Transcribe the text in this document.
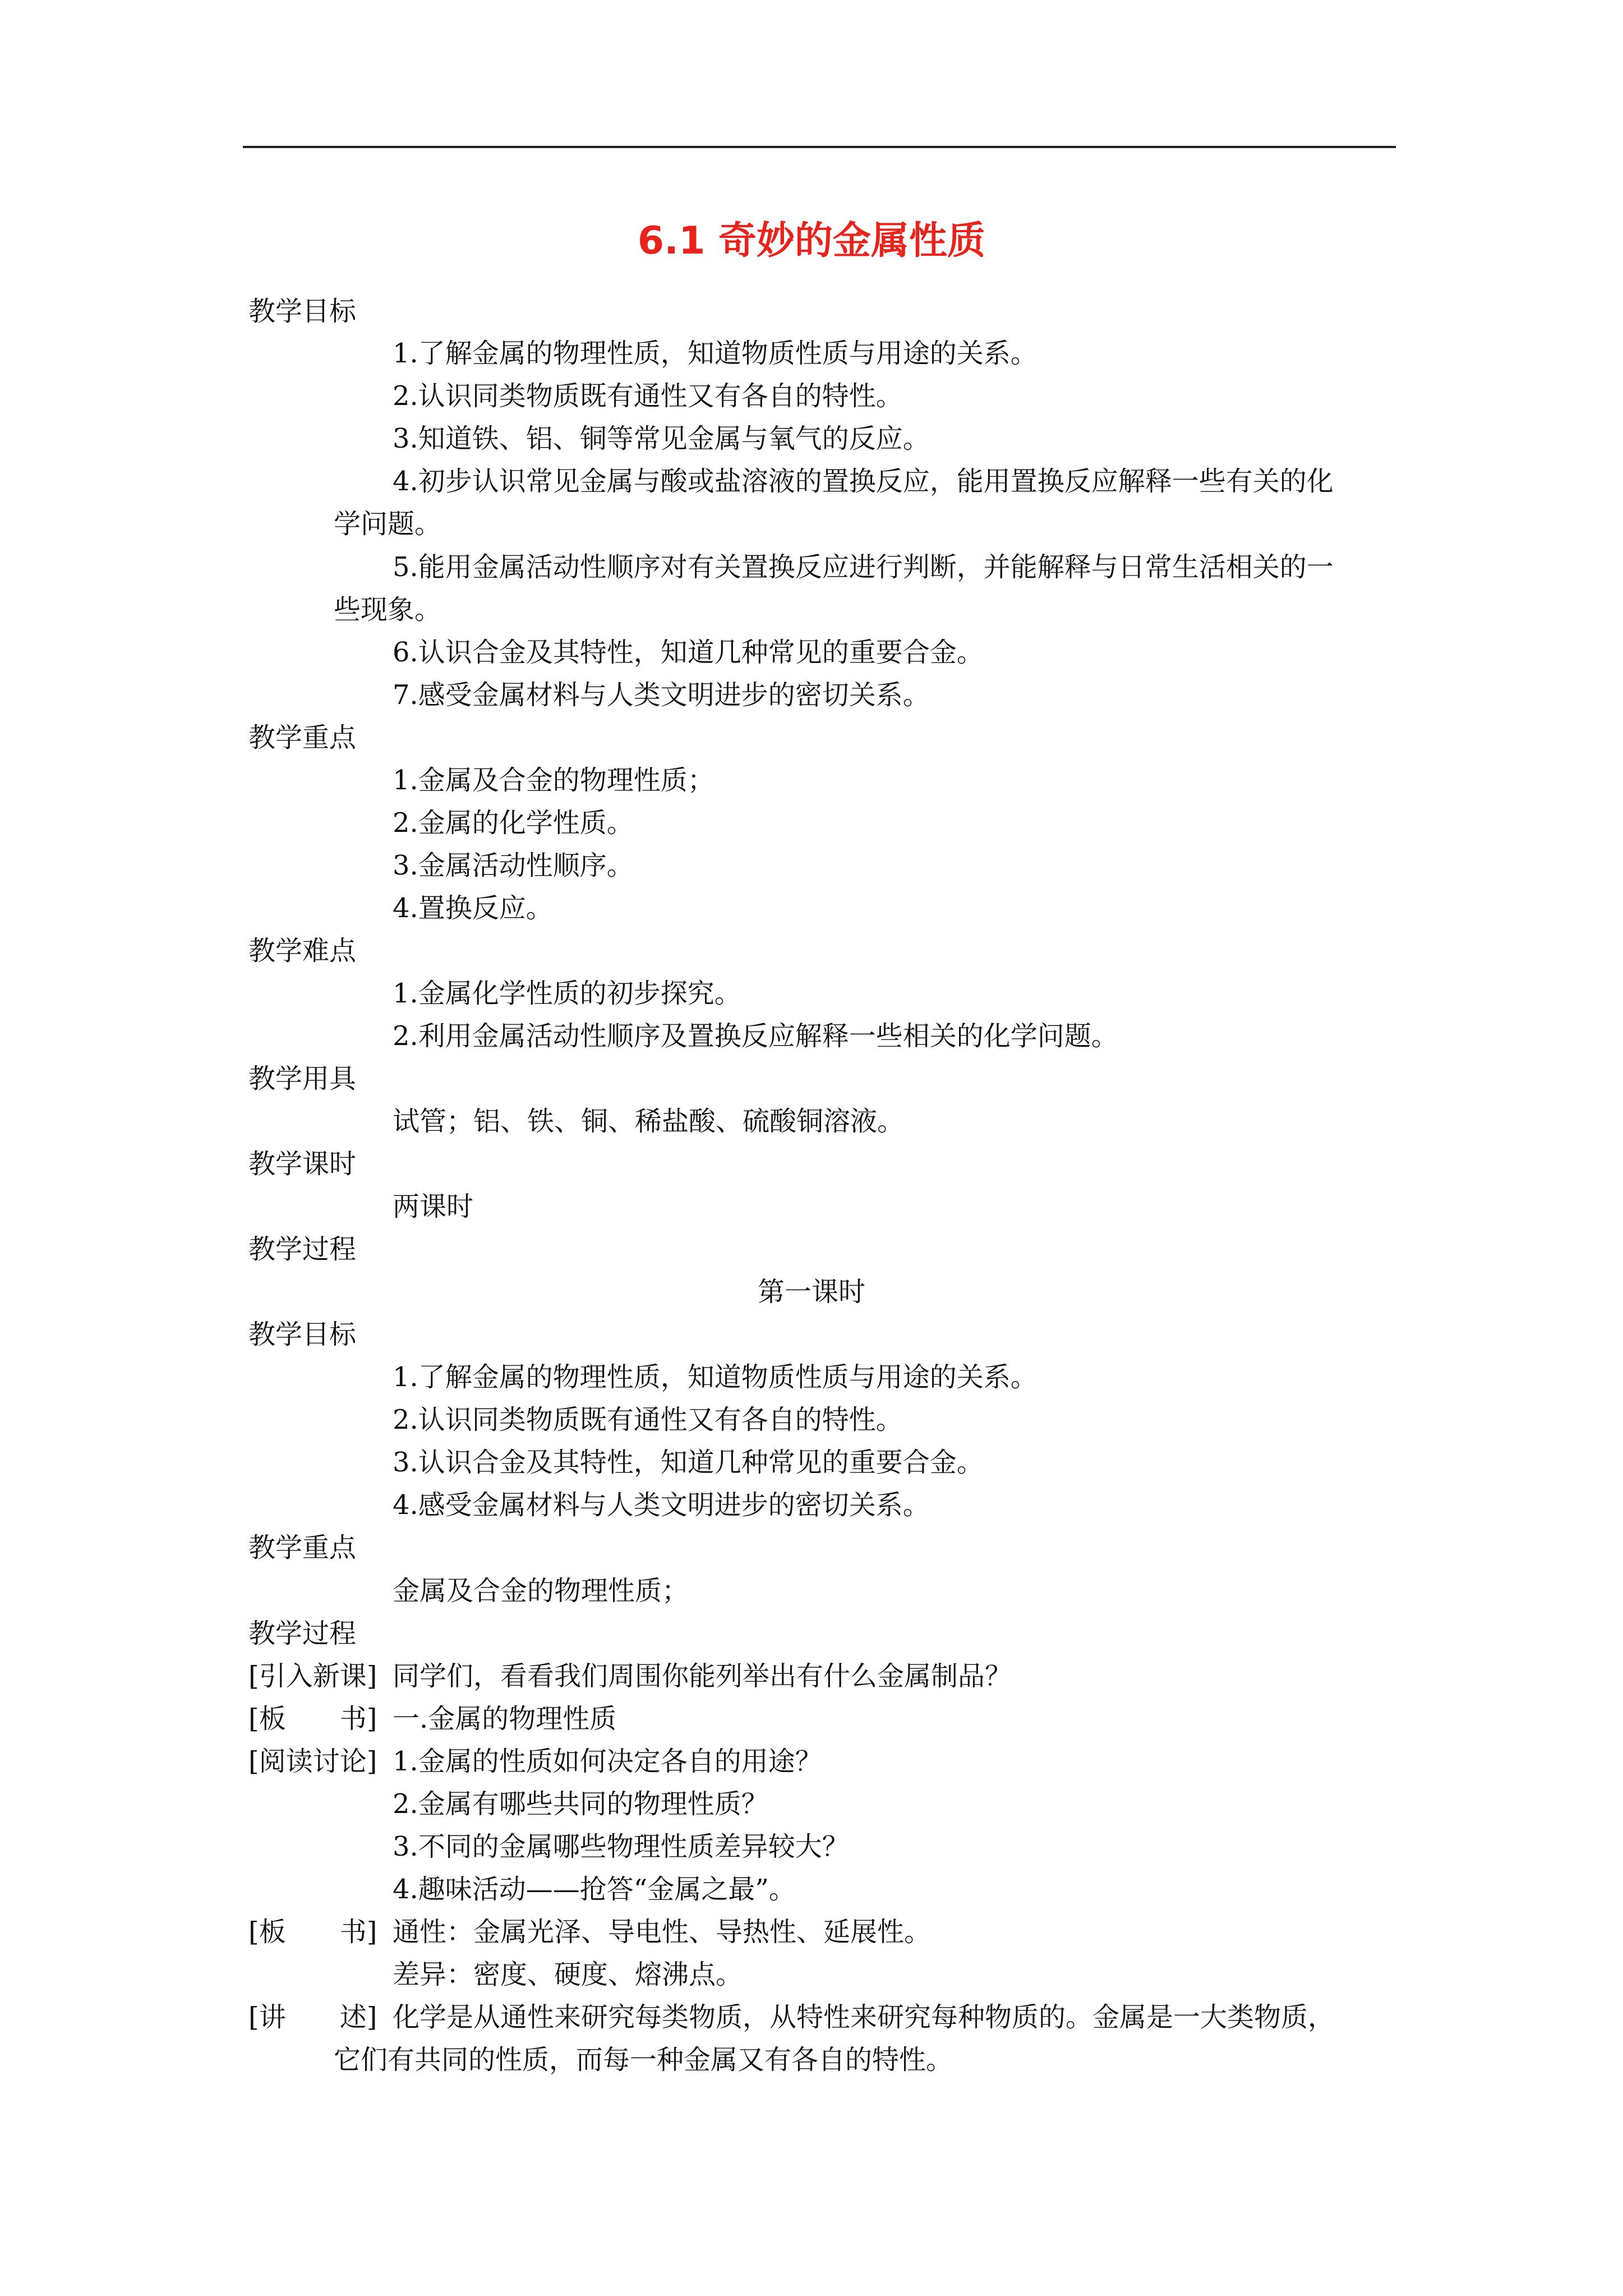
6.1 奇妙的金属性质
教学目标
1.了解金属的物理性质，知道物质性质与用途的关系。
2.认识同类物质既有通性又有各自的特性。
3.知道铁、铝、铜等常见金属与氧气的反应。
4.初步认识常见金属与酸或盐溶液的置换反应，能用置换反应解释一些有关的化
学问题。
5.能用金属活动性顺序对有关置换反应进行判断，并能解释与日常生活相关的一
些现象。
6.认识合金及其特性，知道几种常见的重要合金。
7.感受金属材料与人类文明进步的密切关系。
教学重点
1.金属及合金的物理性质；
2.金属的化学性质。
3.金属活动性顺序。
4.置换反应。
教学难点
1.金属化学性质的初步探究。
2.利用金属活动性顺序及置换反应解释一些相关的化学问题。
教学用具
试管；铝、铁、铜、稀盐酸、硫酸铜溶液。
教学课时
两课时
教学过程
第一课时
教学目标
1.了解金属的物理性质，知道物质性质与用途的关系。
2.认识同类物质既有通性又有各自的特性。
3.认识合金及其特性，知道几种常见的重要合金。
4.感受金属材料与人类文明进步的密切关系。
教学重点
金属及合金的物理性质；
教学过程
[引入新课] 同学们，看看我们周围你能列举出有什么金属制品？
[板　　书] 一.金属的物理性质
[阅读讨论] 1.金属的性质如何决定各自的用途？
2.金属有哪些共同的物理性质？
3.不同的金属哪些物理性质差异较大？
4.趣味活动——抢答“金属之最”。
[板　　书] 通性：金属光泽、导电性、导热性、延展性。
差异：密度、硬度、熔沸点。
[讲　　述] 化学是从通性来研究每类物质，从特性来研究每种物质的。金属是一大类物质，
它们有共同的性质，而每一种金属又有各自的特性。
